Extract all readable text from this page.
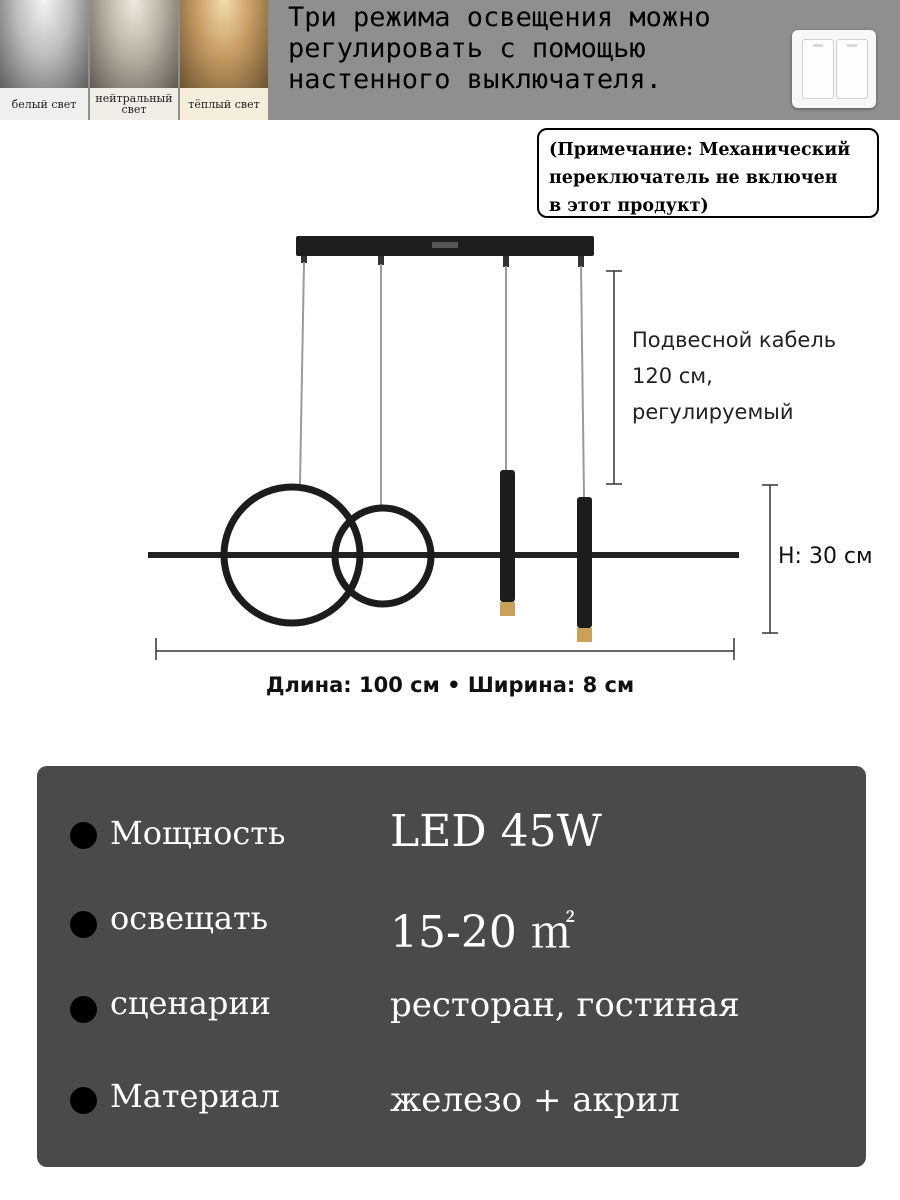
белый свет	нейтральный свет	тёплый свет
Три режима освещения можно
регулировать с помощью
настенного выключателя.
(Примечание: Механический
переключатель не включен
в этот продукт)
Подвесной кабель
120 см,
регулируемый
H: 30 см
Длина: 100 см • Ширина: 8 см
Мощность LED 45W
освещать	15-20 ㎡
сценарии	ресторан, гостиная
Материал	железо + акрил
